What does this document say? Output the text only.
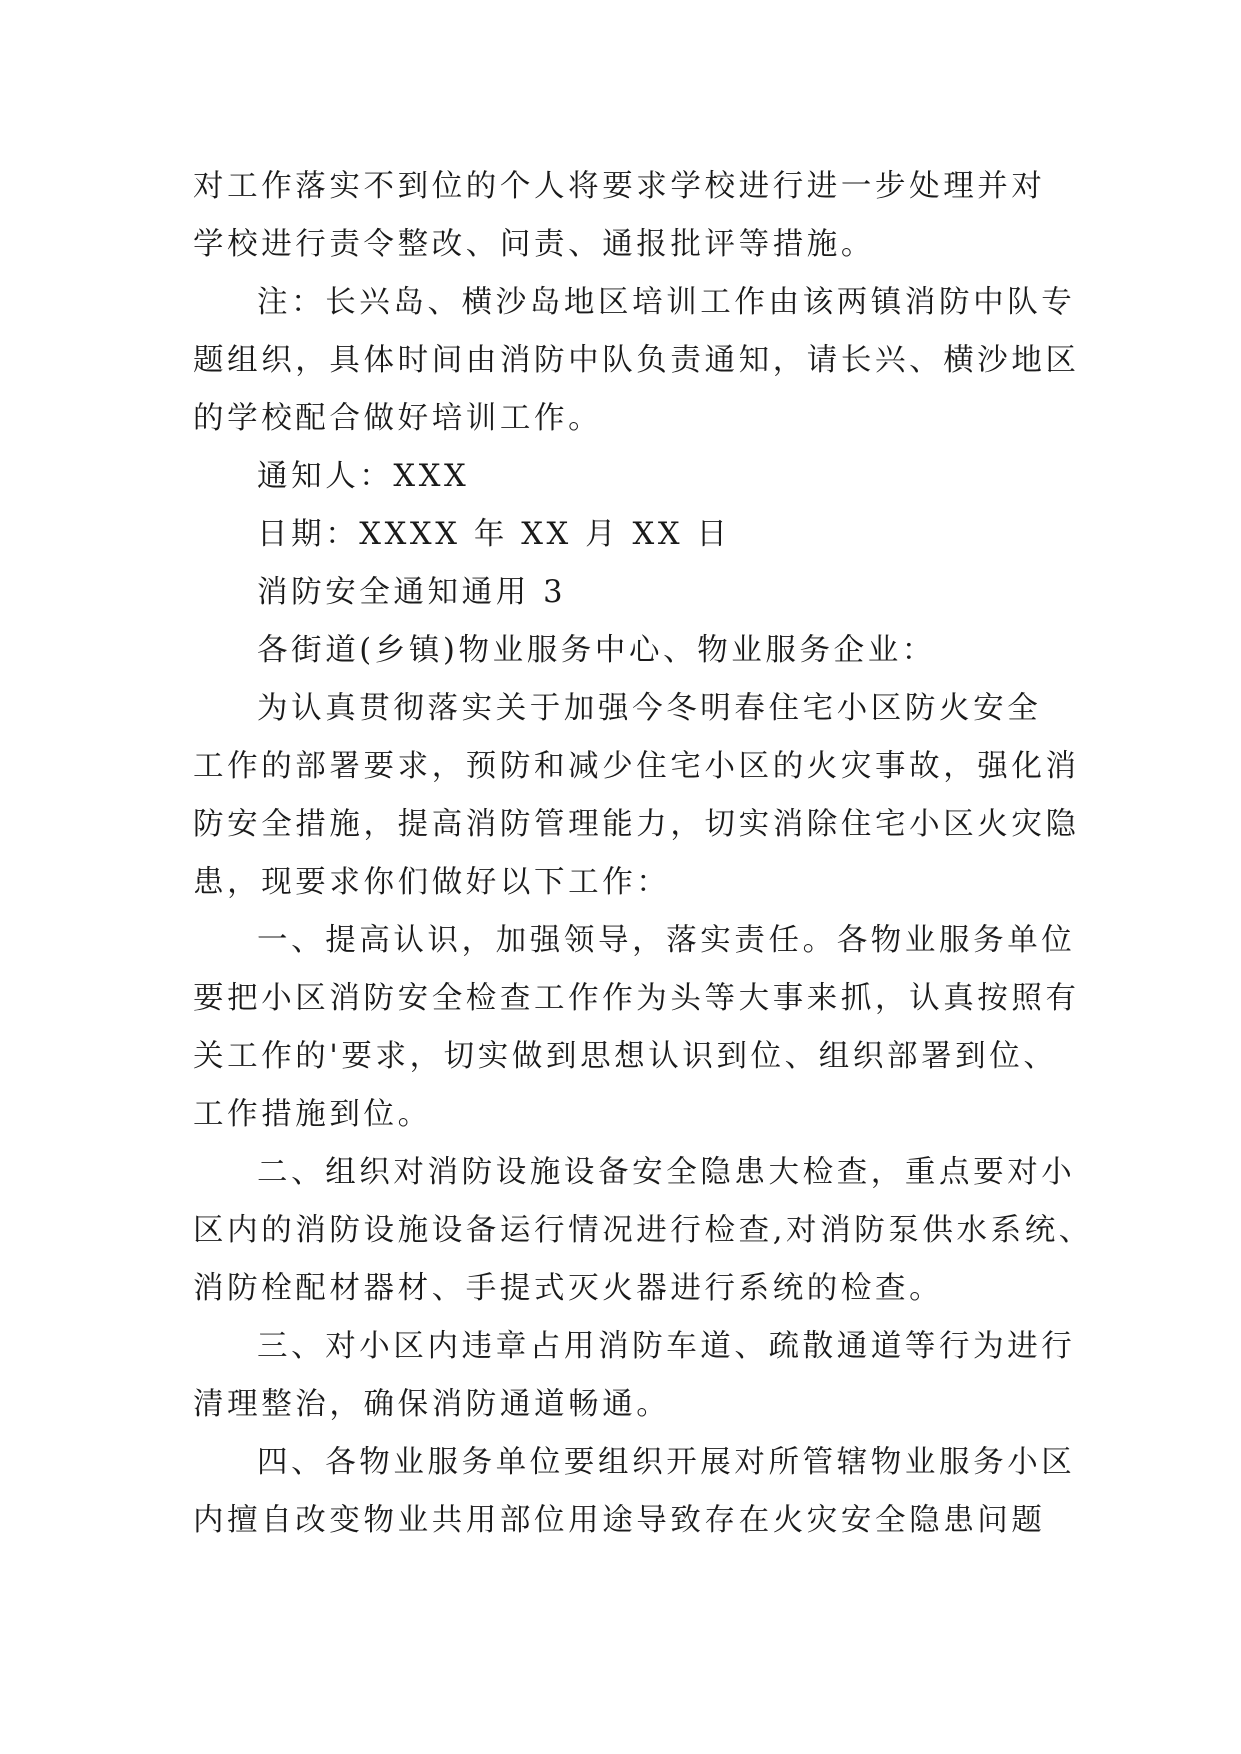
对工作落实不到位的个人将要求学校进行进一步处理并对
学校进行责令整改、问责、通报批评等措施。
注：长兴岛、横沙岛地区培训工作由该两镇消防中队专
题组织，具体时间由消防中队负责通知，请长兴、横沙地区
的学校配合做好培训工作。
通知人：XXX
日期：XXXX 年 XX 月 XX 日
消防安全通知通用 3
各街道(乡镇)物业服务中心、物业服务企业：
为认真贯彻落实关于加强今冬明春住宅小区防火安全
工作的部署要求，预防和减少住宅小区的火灾事故，强化消
防安全措施，提高消防管理能力，切实消除住宅小区火灾隐
患，现要求你们做好以下工作：
一、提高认识，加强领导，落实责任。各物业服务单位
要把小区消防安全检查工作作为头等大事来抓，认真按照有
关工作的'要求，切实做到思想认识到位、组织部署到位、
工作措施到位。
二、组织对消防设施设备安全隐患大检查，重点要对小
区内的消防设施设备运行情况进行检查,对消防泵供水系统、
消防栓配材器材、手提式灭火器进行系统的检查。
三、对小区内违章占用消防车道、疏散通道等行为进行
清理整治，确保消防通道畅通。
四、各物业服务单位要组织开展对所管辖物业服务小区
内擅自改变物业共用部位用途导致存在火灾安全隐患问题
